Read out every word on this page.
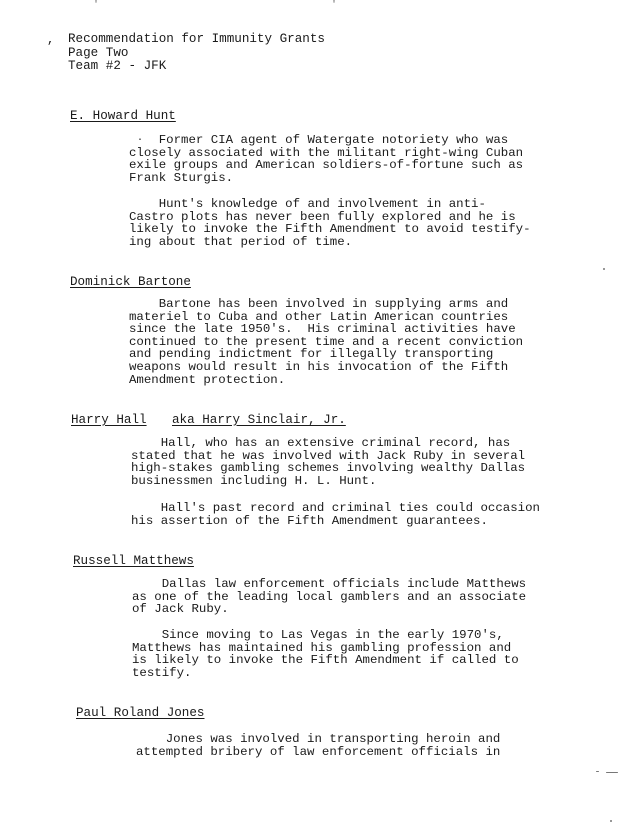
,
'	'
Recommendation for Immunity Grants
Page Two
Team #2 - JFK
E. Howard Hunt
·	Former CIA agent of Watergate notoriety who was
closely associated with the militant right-wing Cuban
exile groups and American soldiers-of-fortune such as
Frank Sturgis.
Hunt's knowledge of and involvement in anti-
Castro plots has never been fully explored and he is
likely to invoke the Fifth Amendment to avoid testify-
ing about that period of time.
Dominick Bartone
Bartone has been involved in supplying arms and
materiel to Cuba and other Latin American countries
since the late 1950's.  His criminal activities have
continued to the present time and a recent conviction
and pending indictment for illegally transporting
weapons would result in his invocation of the Fifth
Amendment protection.
Harry Hall aka Harry Sinclair, Jr.
Hall, who has an extensive criminal record, has
stated that he was involved with Jack Ruby in several
high-stakes gambling schemes involving wealthy Dallas
businessmen including H. L. Hunt.
Hall's past record and criminal ties could occasion
his assertion of the Fifth Amendment guarantees.
Russell Matthews
Dallas law enforcement officials include Matthews
as one of the leading local gamblers and an associate
of Jack Ruby.
Since moving to Las Vegas in the early 1970's,
Matthews has maintained his gambling profession and
is likely to invoke the Fifth Amendment if called to
testify.
Paul Roland Jones
Jones was involved in transporting heroin and
attempted bribery of law enforcement officials in
